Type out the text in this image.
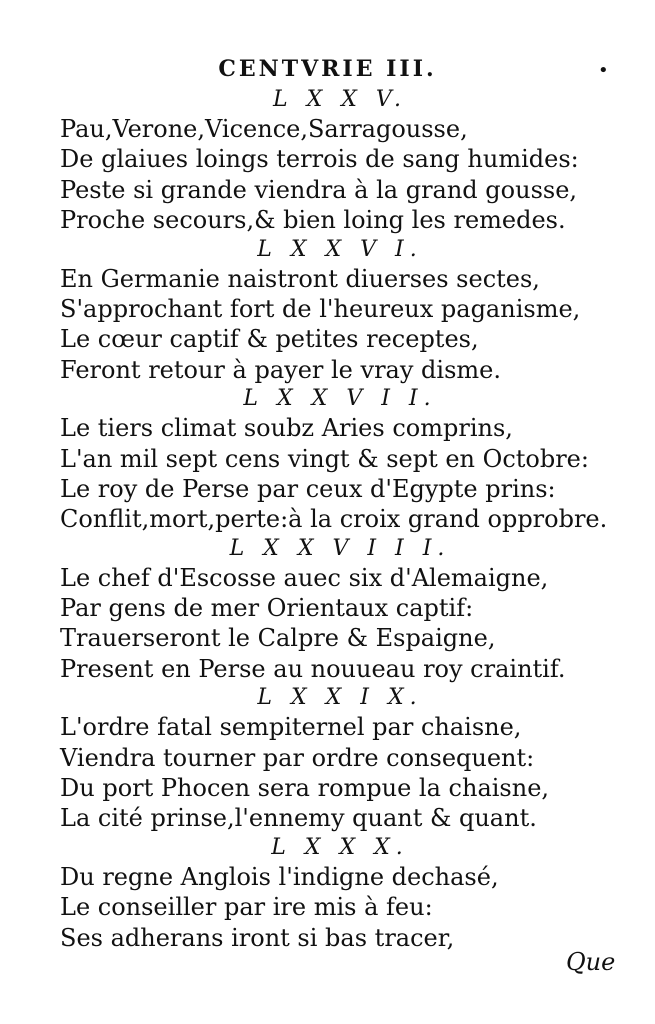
CENTVRIE III.	•
L X X V.
Pau,Verone,Vicence,Sarragousse,
De glaiues loings terrois de sang humides:
Peste si grande viendra à la grand gousse,
Proche secours,& bien loing les remedes.
L X X V I.
En Germanie naistront diuerses sectes,
S'approchant fort de l'heureux paganisme,
Le cœur captif & petites receptes,
Feront retour à payer le vray disme.
L X X V I I.
Le tiers climat soubz Aries comprins,
L'an mil sept cens vingt & sept en Octobre:
Le roy de Perse par ceux d'Egypte prins:
Conflit,mort,perte:à la croix grand opprobre.
L X X V I I I.
Le chef d'Escosse auec six d'Alemaigne,
Par gens de mer Orientaux captif:
Trauerseront le Calpre & Espaigne,
Present en Perse au nouueau roy craintif.
L X X I X.
L'ordre fatal sempiternel par chaisne,
Viendra tourner par ordre consequent:
Du port Phocen sera rompue la chaisne,
La cité prinse,l'ennemy quant & quant.
L X X X.
Du regne Anglois l'indigne dechasé,
Le conseiller par ire mis à feu:
Ses adherans iront si bas tracer,
Que
